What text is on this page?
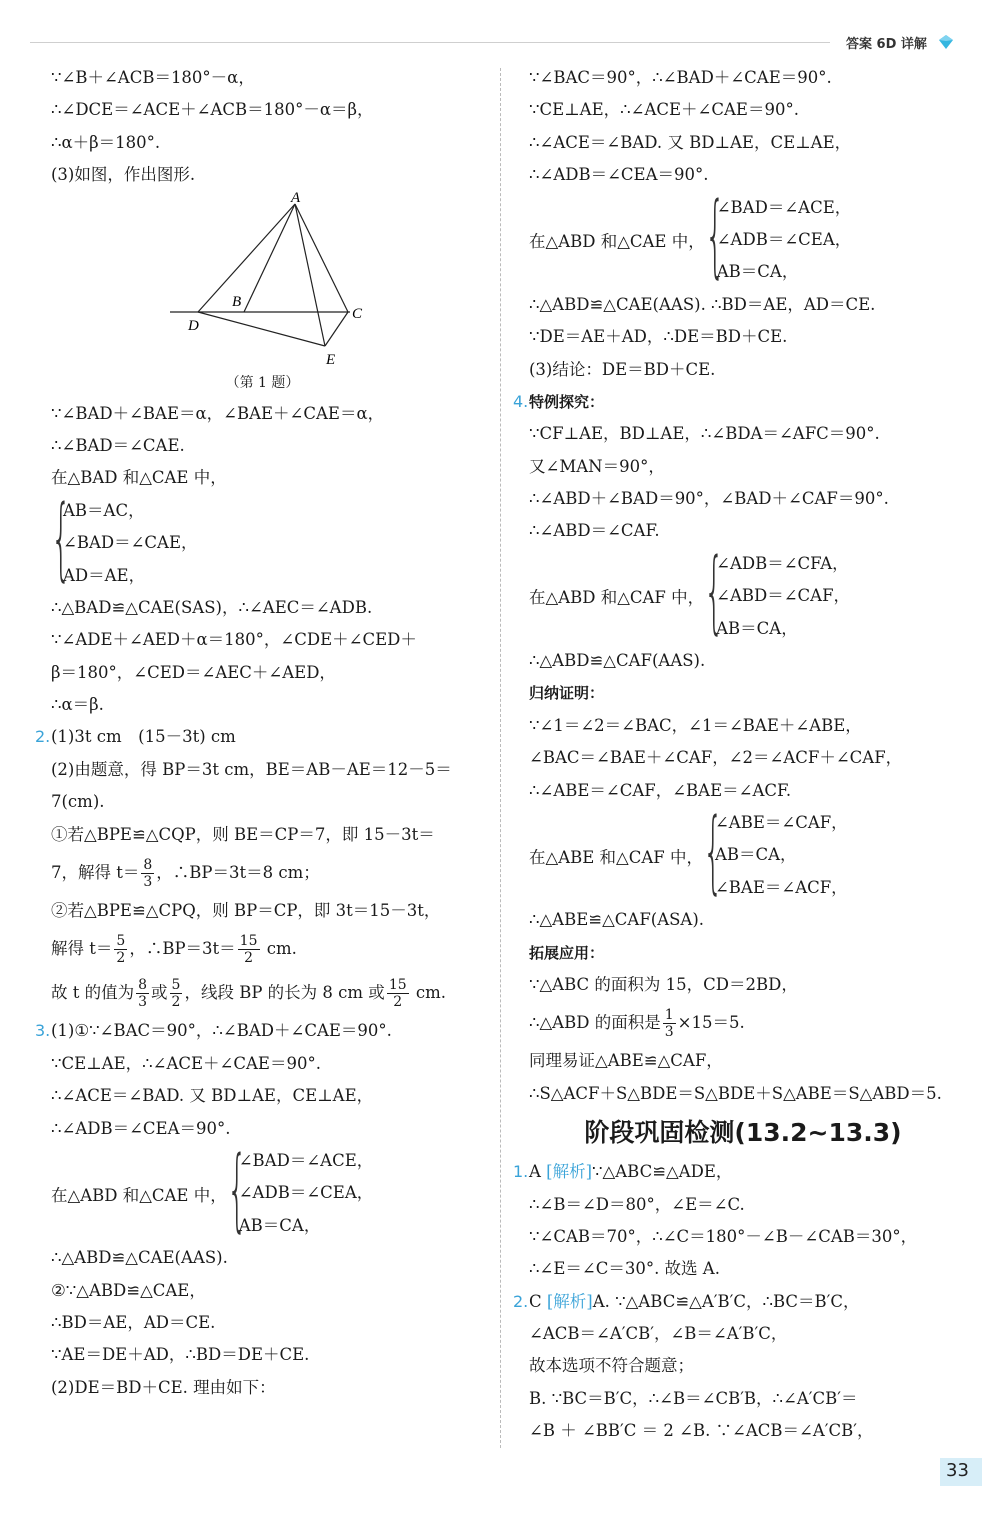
答案 6D 详解
∵∠B＋∠ACB＝180°－α，
∴∠DCE＝∠ACE＋∠ACB＝180°－α＝β，
∴α＋β＝180°.
(3)如图，作出图形.
A
B
C
D
E
（第 1 题）
∵∠BAD＋∠BAE＝α，∠BAE＋∠CAE＝α，
∴∠BAD＝∠CAE.
在△BAD 和△CAE 中，
{
AB＝AC，
∠BAD＝∠CAE，
AD＝AE，
∴△BAD≌△CAE(SAS)，∴∠AEC＝∠ADB.
∵∠ADE＋∠AED＋α＝180°，∠CDE＋∠CED＋
β＝180°，∠CED＝∠AEC＋∠AED，
∴α＝β.
2.(1)3t cm　(15－3t) cm
(2)由题意，得 BP＝3t cm，BE＝AB－AE＝12－5＝
7(cm).
①若△BPE≌△CQP，则 BE＝CP＝7，即 15－3t＝
7，解得 $t= \frac{8}{3}$ ，∴BP＝3t＝8 cm；
②若△BPE≌△CPQ，则 BP＝CP，即 3t＝15－3t，
解得 $t= \frac{5}{2}$ ，∴BP＝3t＝ $\frac{15}{2}$ cm.
故 t 的值为 $\frac{8}{3}$ 或 $\frac{5}{2}$ ，线段 BP 的长为 8 cm 或 $\frac{15}{2}$ cm.
3.(1)①∵∠BAC＝90°，∴∠BAD＋∠CAE＝90°.
∵CE⊥AE，∴∠ACE＋∠CAE＝90°.
∴∠ACE＝∠BAD. 又 BD⊥AE，CE⊥AE，
∴∠ADB＝∠CEA＝90°.
在△ABD 和△CAE 中， {
∠BAD＝∠ACE，
∠ADB＝∠CEA，
AB＝CA，
∴△ABD≌△CAE(AAS).
②∵△ABD≌△CAE，
∴BD＝AE，AD＝CE.
∵AE＝DE＋AD，∴BD＝DE＋CE.
(2)DE＝BD＋CE. 理由如下：
∵∠BAC＝90°，∴∠BAD＋∠CAE＝90°.
∵CE⊥AE，∴∠ACE＋∠CAE＝90°.
∴∠ACE＝∠BAD. 又 BD⊥AE，CE⊥AE，
∴∠ADB＝∠CEA＝90°.
在△ABD 和△CAE 中， {
∠BAD＝∠ACE，
∠ADB＝∠CEA，
AB＝CA，
∴△ABD≌△CAE(AAS). ∴BD＝AE，AD＝CE.
∵DE＝AE＋AD，∴DE＝BD＋CE.
(3)结论：DE＝BD＋CE.
4.特例探究：
∵CF⊥AE，BD⊥AE，∴∠BDA＝∠AFC＝90°.
又∠MAN＝90°，
∴∠ABD＋∠BAD＝90°，∠BAD＋∠CAF＝90°.
∴∠ABD＝∠CAF.
在△ABD 和△CAF 中， {
∠ADB＝∠CFA，
∠ABD＝∠CAF，
AB＝CA，
∴△ABD≌△CAF(AAS).
归纳证明：
∵∠1＝∠2＝∠BAC，∠1＝∠BAE＋∠ABE，
∠BAC＝∠BAE＋∠CAF，∠2＝∠ACF＋∠CAF，
∴∠ABE＝∠CAF，∠BAE＝∠ACF.
在△ABE 和△CAF 中， {
∠ABE＝∠CAF，
AB＝CA，
∠BAE＝∠ACF，
∴△ABE≌△CAF(ASA).
拓展应用：
∵△ABC 的面积为 15，CD＝2BD，
∴△ABD 的面积是 $\frac{1}{3} \times 15=5$.
同理易证△ABE≌△CAF，
∴S△ACF＋S△BDE＝S△BDE＋S△ABE＝S△ABD＝5.
阶段巩固检测(13.2~13.3)
1.A [解析]∵△ABC≌△ADE，
∴∠B＝∠D＝80°，∠E＝∠C.
∵∠CAB＝70°，∴∠C＝180°－∠B－∠CAB＝30°，
∴∠E＝∠C＝30°. 故选 A.
2.C [解析]A. ∵△ABC≌△A′B′C，∴BC＝B′C，
∠ACB＝∠A′CB′，∠B＝∠A′B′C，
故本选项不符合题意；
B. ∵BC＝B′C，∴∠B＝∠CB′B，∴∠A′CB′＝
∠B ＋ ∠BB′C ＝ 2 ∠B. ∵∠ACB＝∠A′CB′，
33
